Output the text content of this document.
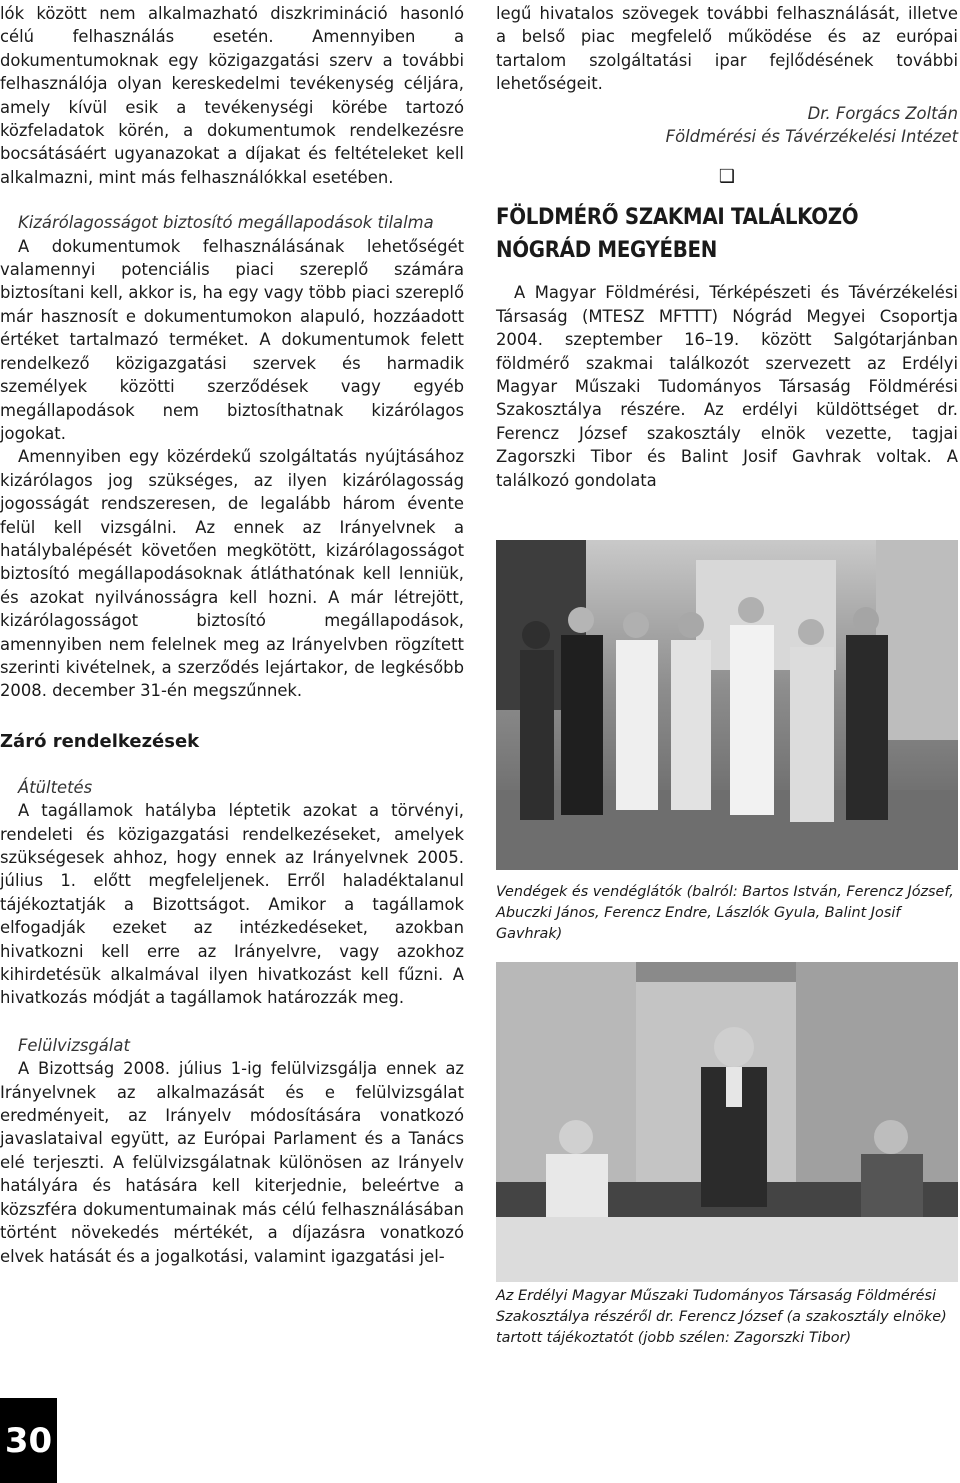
lók között nem alkalmazható diszkrimináció hasonló célú felhasználás esetén. Amennyiben a dokumentumoknak egy közigazgatási szerv a további felhasználója olyan kereskedelmi tevékenység céljára, amely kívül esik a tevékenységi körébe tartozó közfeladatok körén, a dokumentumok rendelkezésre bocsátásáért ugyanazokat a díjakat és feltételeket kell alkalmazni, mint más felhasználókkal esetében.

Kizárólagosságot biztosító megállapodások tilalma

A dokumentumok felhasználásának lehetőségét valamennyi potenciális piaci szereplő számára biztosítani kell, akkor is, ha egy vagy több piaci szereplő már hasznosít e dokumentumokon alapuló, hozzáadott értéket tartalmazó terméket. A dokumentumok felett rendelkező közigazgatási szervek és harmadik személyek közötti szerződések vagy egyéb megállapodások nem biztosíthatnak kizárólagos jogokat.

Amennyiben egy közérdekű szolgáltatás nyújtásához kizárólagos jog szükséges, az ilyen kizárólagosság jogosságát rendszeresen, de legalább három évente felül kell vizsgálni. Az ennek az Irányelvnek a hatálybalépését követően megkötött, kizárólagosságot biztosító megállapodásoknak átláthatónak kell lenniük, és azokat nyilvánosságra kell hozni. A már létrejött, kizárólagosságot biztosító megállapodások, amennyiben nem felelnek meg az Irányelvben rögzített szerinti kivételnek, a szerződés lejártakor, de legkésőbb 2008. december 31-én megszűnnek.

Záró rendelkezések

Átültetés

A tagállamok hatályba léptetik azokat a törvényi, rendeleti és közigazgatási rendelkezéseket, amelyek szükségesek ahhoz, hogy ennek az Irányelvnek 2005. július 1. előtt megfeleljenek. Erről haladéktalanul tájékoztatják a Bizottságot. Amikor a tagállamok elfogadják ezeket az intézkedéseket, azokban hivatkozni kell erre az Irányelvre, vagy azokhoz kihirdetésük alkalmával ilyen hivatkozást kell fűzni. A hivatkozás módját a tagállamok határozzák meg.

Felülvizsgálat

A Bizottság 2008. július 1-ig felülvizsgálja ennek az Irányelvnek az alkalmazását és e felülvizsgálat eredményeit, az Irányelv módosítására vonatkozó javaslataival együtt, az Európai Parlament és a Tanács elé terjeszti. A felülvizsgálatnak különösen az Irányelv hatályára és hatására kell kiterjednie, beleértve a közszféra dokumentumainak más célú felhasználásában történt növekedés mértékét, a díjazásra vonatkozó elvek hatását és a jogalkotási, valamint igazgatási jel-

legű hivatalos szövegek további felhasználását, illetve a belső piac megfelelő működése és az európai tartalom szolgáltatási ipar fejlődésének további lehetőségeit.

Dr. Forgács Zoltán

Földmérési és Távérzékelési Intézet

❑
FÖLDMÉRŐ SZAKMAI TALÁLKOZÓ NÓGRÁD MEGYÉBEN

A Magyar Földmérési, Térképészeti és Távérzékelési Társaság (MTESZ MFTTT) Nógrád Megyei Csoportja 2004. szeptember 16–19. között Salgótarjánban földmérő szakmai találkozót szervezett az Erdélyi Magyar Műszaki Tudományos Társaság Földmérési Szakosztálya részére. Az erdélyi küldöttséget dr. Ferencz József szakosztály elnök vezette, tagjai Zagorszki Tibor és Balint Josif Gavhrak voltak. A találkozó gondolata

Vendégek és vendéglátók (balról: Bartos István, Ferencz József, Abuczki János, Ferencz Endre, Lászlók Gyula, Balint Josif Gavhrak)

Az Erdélyi Magyar Műszaki Tudományos Társaság Földmérési Szakosztálya részéről dr. Ferencz József (a szakosztály elnöke) tartott tájékoztatót (jobb szélen: Zagorszki Tibor)

30
